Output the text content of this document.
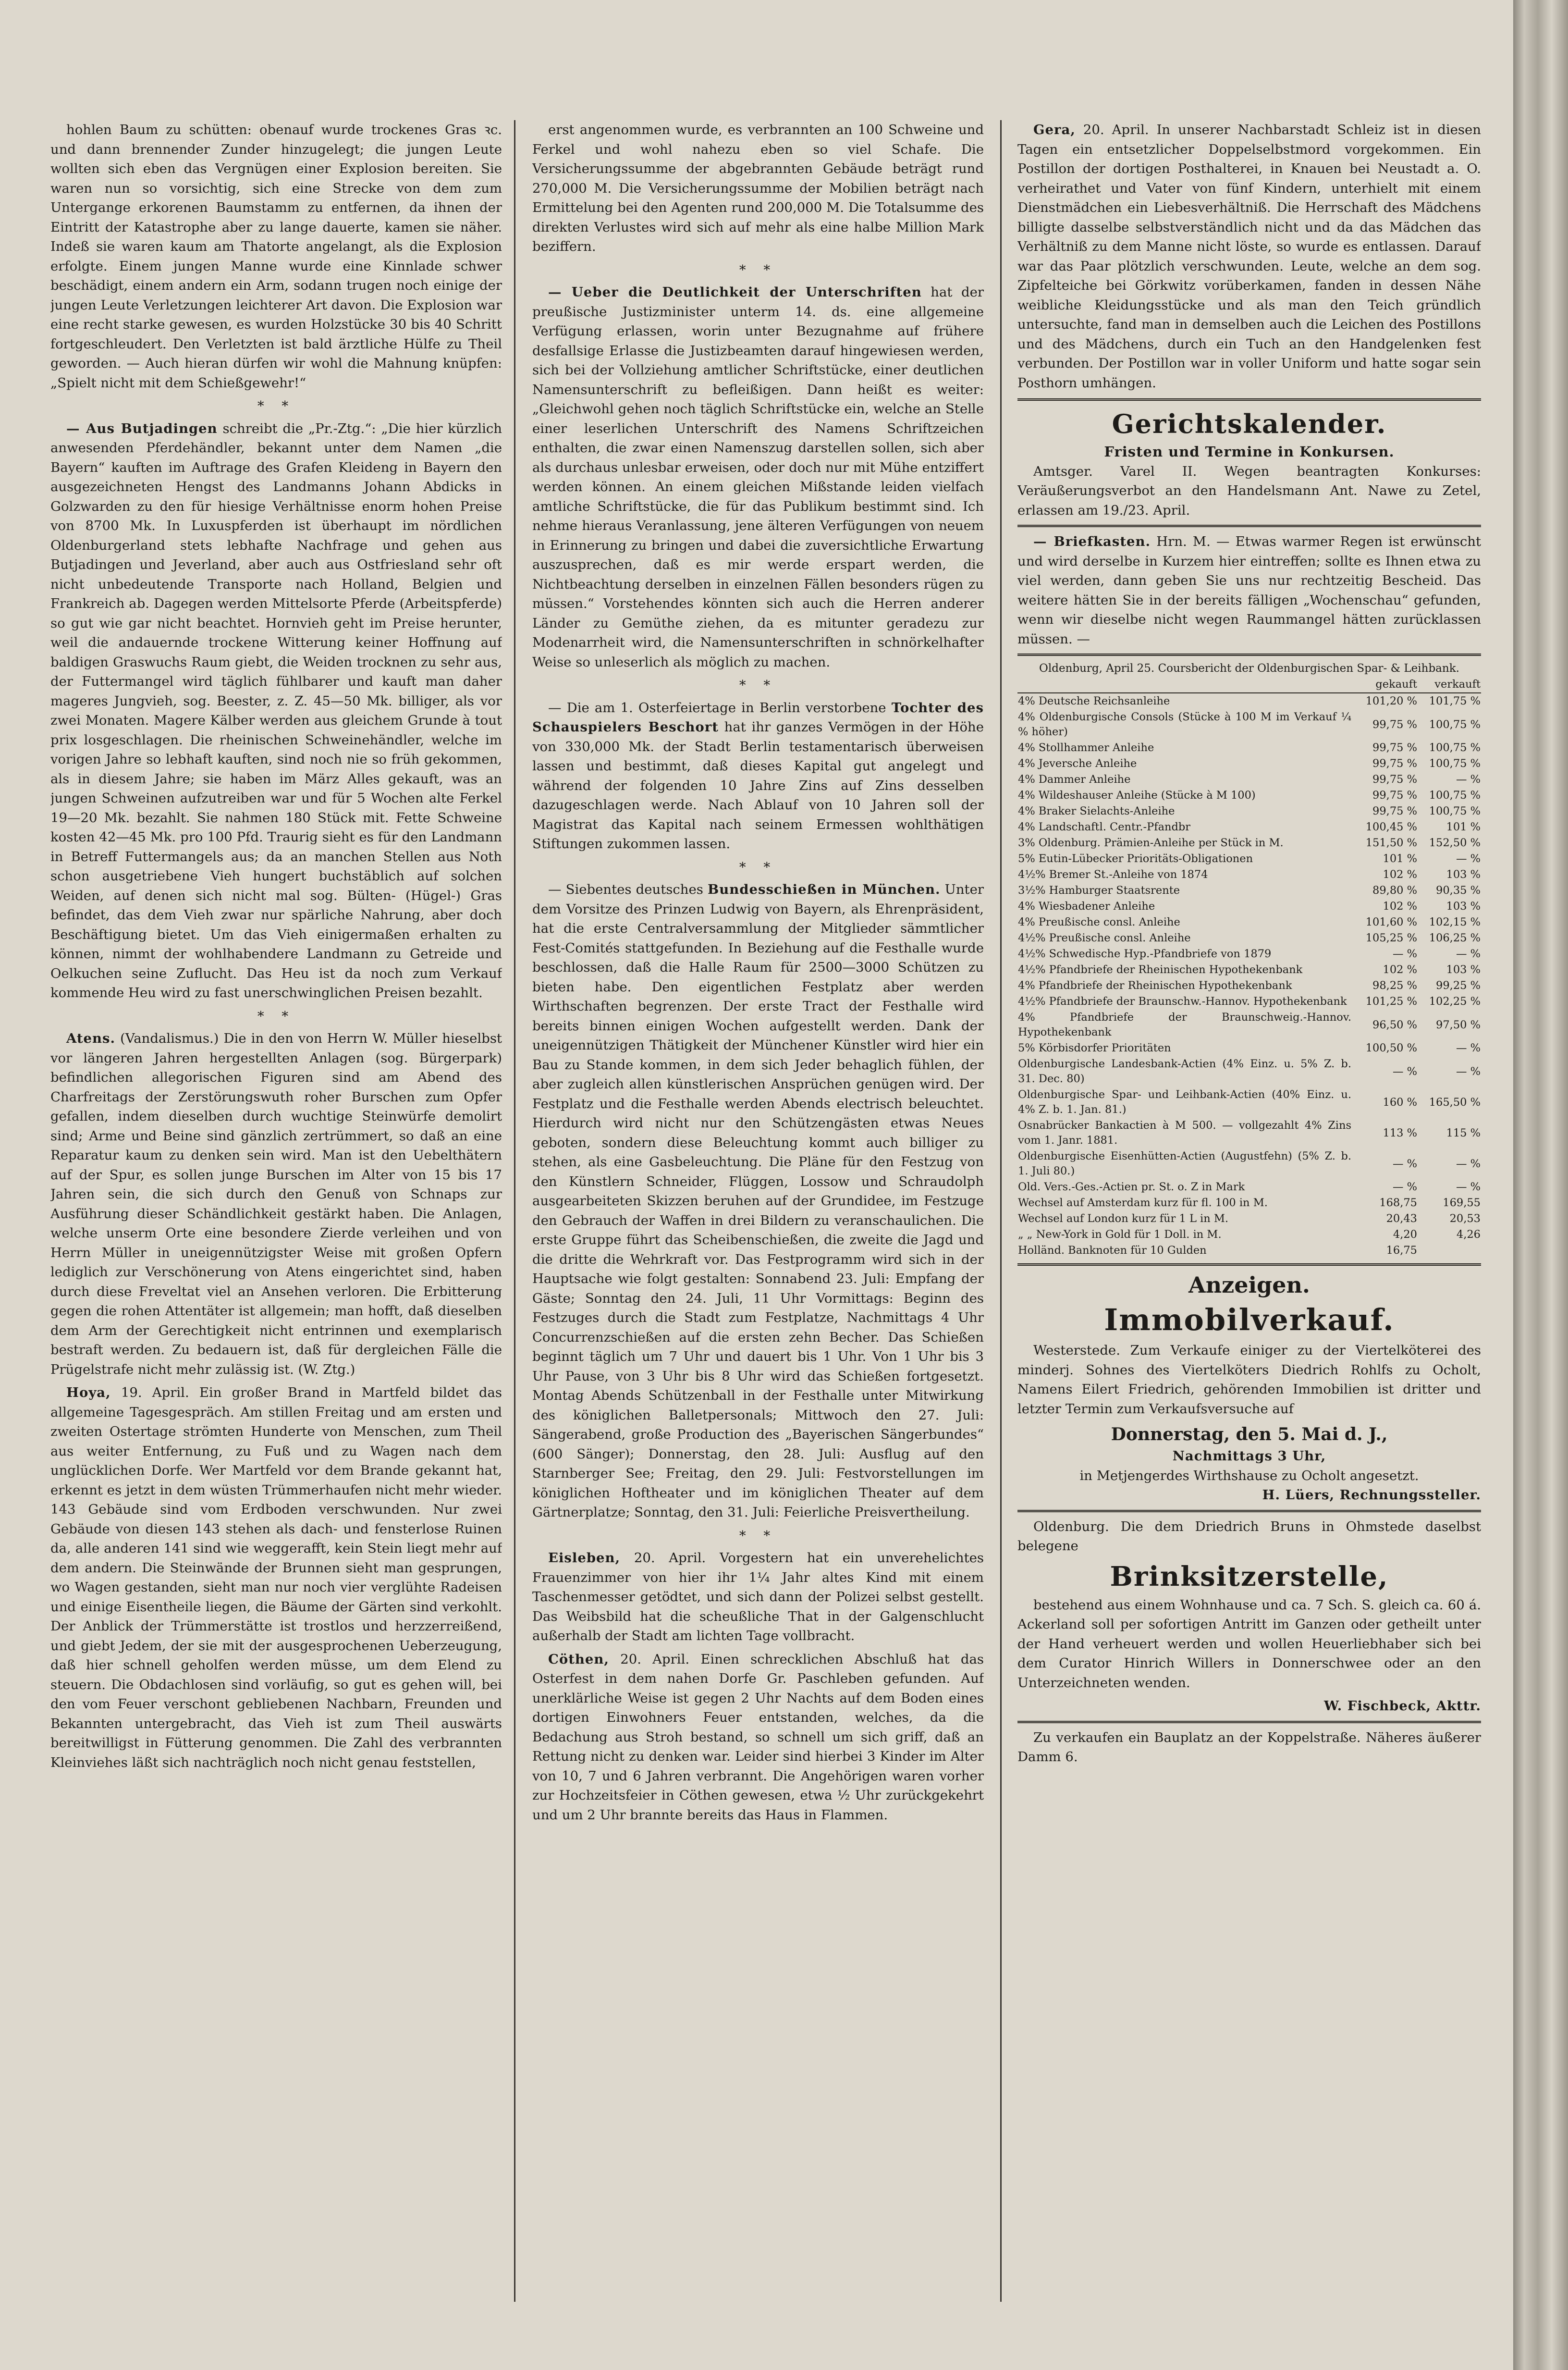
hohlen Baum zu schütten: obenauf wurde trockenes Gras ꝛc. und dann brennender Zunder hinzugelegt; die jungen Leute wollten sich eben das Vergnügen einer Explosion bereiten. Sie waren nun so vorsichtig, sich eine Strecke von dem zum Untergange erkorenen Baumstamm zu entfernen, da ihnen der Eintritt der Katastrophe aber zu lange dauerte, kamen sie näher. Indeß sie waren kaum am Thatorte angelangt, als die Explosion erfolgte. Einem jungen Manne wurde eine Kinnlade schwer beschädigt, einem andern ein Arm, sodann trugen noch einige der jungen Leute Verletzungen leichterer Art davon. Die Explosion war eine recht starke gewesen, es wurden Holzstücke 30 bis 40 Schritt fortgeschleudert. Den Verletzten ist bald ärztliche Hülfe zu Theil geworden. — Auch hieran dürfen wir wohl die Mahnung knüpfen: „Spielt nicht mit dem Schießgewehr!“

* *

— Aus Butjadingen schreibt die „Pr.-Ztg.“: „Die hier kürzlich anwesenden Pferdehändler, bekannt unter dem Namen „die Bayern“ kauften im Auftrage des Grafen Kleideng in Bayern den ausgezeichneten Hengst des Landmanns Johann Abdicks in Golzwarden zu den für hiesige Verhältnisse enorm hohen Preise von 8700 Mk. In Luxuspferden ist überhaupt im nördlichen Oldenburgerland stets lebhafte Nachfrage und gehen aus Butjadingen und Jeverland, aber auch aus Ostfriesland sehr oft nicht unbedeutende Transporte nach Holland, Belgien und Frankreich ab. Dagegen werden Mittelsorte Pferde (Arbeitspferde) so gut wie gar nicht beachtet. Hornvieh geht im Preise herunter, weil die andauernde trockene Witterung keiner Hoffnung auf baldigen Graswuchs Raum giebt, die Weiden trocknen zu sehr aus, der Futtermangel wird täglich fühlbarer und kauft man daher mageres Jungvieh, sog. Beester, z. Z. 45—50 Mk. billiger, als vor zwei Monaten. Magere Kälber werden aus gleichem Grunde à tout prix losgeschlagen. Die rheinischen Schweinehändler, welche im vorigen Jahre so lebhaft kauften, sind noch nie so früh gekommen, als in diesem Jahre; sie haben im März Alles gekauft, was an jungen Schweinen aufzutreiben war und für 5 Wochen alte Ferkel 19—20 Mk. bezahlt. Sie nahmen 180 Stück mit. Fette Schweine kosten 42—45 Mk. pro 100 Pfd. Traurig sieht es für den Landmann in Betreff Futtermangels aus; da an manchen Stellen aus Noth schon ausgetriebene Vieh hungert buchstäblich auf solchen Weiden, auf denen sich nicht mal sog. Bülten- (Hügel-) Gras befindet, das dem Vieh zwar nur spärliche Nahrung, aber doch Beschäftigung bietet. Um das Vieh einigermaßen erhalten zu können, nimmt der wohlhabendere Landmann zu Getreide und Oelkuchen seine Zuflucht. Das Heu ist da noch zum Verkauf kommende Heu wird zu fast unerschwinglichen Preisen bezahlt.

* *

Atens. (Vandalismus.) Die in den von Herrn W. Müller hieselbst vor längeren Jahren hergestellten Anlagen (sog. Bürgerpark) befindlichen allegorischen Figuren sind am Abend des Charfreitags der Zerstörungswuth roher Burschen zum Opfer gefallen, indem dieselben durch wuchtige Steinwürfe demolirt sind; Arme und Beine sind gänzlich zertrümmert, so daß an eine Reparatur kaum zu denken sein wird. Man ist den Uebelthätern auf der Spur, es sollen junge Burschen im Alter von 15 bis 17 Jahren sein, die sich durch den Genuß von Schnaps zur Ausführung dieser Schändlichkeit gestärkt haben. Die Anlagen, welche unserm Orte eine besondere Zierde verleihen und von Herrn Müller in uneigennützigster Weise mit großen Opfern lediglich zur Verschönerung von Atens eingerichtet sind, haben durch diese Freveltat viel an Ansehen verloren. Die Erbitterung gegen die rohen Attentäter ist allgemein; man hofft, daß dieselben dem Arm der Gerechtigkeit nicht entrinnen und exemplarisch bestraft werden. Zu bedauern ist, daß für dergleichen Fälle die Prügelstrafe nicht mehr zulässig ist. (W. Ztg.)

Hoya, 19. April. Ein großer Brand in Martfeld bildet das allgemeine Tagesgespräch. Am stillen Freitag und am ersten und zweiten Ostertage strömten Hunderte von Menschen, zum Theil aus weiter Entfernung, zu Fuß und zu Wagen nach dem unglücklichen Dorfe. Wer Martfeld vor dem Brande gekannt hat, erkennt es jetzt in dem wüsten Trümmerhaufen nicht mehr wieder. 143 Gebäude sind vom Erdboden verschwunden. Nur zwei Gebäude von diesen 143 stehen als dach- und fensterlose Ruinen da, alle anderen 141 sind wie weggerafft, kein Stein liegt mehr auf dem andern. Die Steinwände der Brunnen sieht man gesprungen, wo Wagen gestanden, sieht man nur noch vier verglühte Radeisen und einige Eisentheile liegen, die Bäume der Gärten sind verkohlt. Der Anblick der Trümmerstätte ist trostlos und herzzerreißend, und giebt Jedem, der sie mit der ausgesprochenen Ueberzeugung, daß hier schnell geholfen werden müsse, um dem Elend zu steuern. Die Obdachlosen sind vorläufig, so gut es gehen will, bei den vom Feuer verschont gebliebenen Nachbarn, Freunden und Bekannten untergebracht, das Vieh ist zum Theil auswärts bereitwilligst in Fütterung genommen. Die Zahl des verbrannten Kleinviehes läßt sich nachträglich noch nicht genau feststellen,

erst angenommen wurde, es verbrannten an 100 Schweine und Ferkel und wohl nahezu eben so viel Schafe. Die Versicherungssumme der abgebrannten Gebäude beträgt rund 270,000 M. Die Versicherungssumme der Mobilien beträgt nach Ermittelung bei den Agenten rund 200,000 M. Die Totalsumme des direkten Verlustes wird sich auf mehr als eine halbe Million Mark beziffern.

* *

— Ueber die Deutlichkeit der Unterschriften hat der preußische Justizminister unterm 14. ds. eine allgemeine Verfügung erlassen, worin unter Bezugnahme auf frühere desfallsige Erlasse die Justizbeamten darauf hingewiesen werden, sich bei der Vollziehung amtlicher Schriftstücke, einer deutlichen Namensunterschrift zu befleißigen. Dann heißt es weiter: „Gleichwohl gehen noch täglich Schriftstücke ein, welche an Stelle einer leserlichen Unterschrift des Namens Schriftzeichen enthalten, die zwar einen Namenszug darstellen sollen, sich aber als durchaus unlesbar erweisen, oder doch nur mit Mühe entziffert werden können. An einem gleichen Mißstande leiden vielfach amtliche Schriftstücke, die für das Publikum bestimmt sind. Ich nehme hieraus Veranlassung, jene älteren Verfügungen von neuem in Erinnerung zu bringen und dabei die zuversichtliche Erwartung auszusprechen, daß es mir werde erspart werden, die Nichtbeachtung derselben in einzelnen Fällen besonders rügen zu müssen.“ Vorstehendes könnten sich auch die Herren anderer Länder zu Gemüthe ziehen, da es mitunter geradezu zur Modenarrheit wird, die Namensunterschriften in schnörkelhafter Weise so unleserlich als möglich zu machen.

* *

— Die am 1. Osterfeiertage in Berlin verstorbene Tochter des Schauspielers Beschort hat ihr ganzes Vermögen in der Höhe von 330,000 Mk. der Stadt Berlin testamentarisch überweisen lassen und bestimmt, daß dieses Kapital gut angelegt und während der folgenden 10 Jahre Zins auf Zins desselben dazugeschlagen werde. Nach Ablauf von 10 Jahren soll der Magistrat das Kapital nach seinem Ermessen wohlthätigen Stiftungen zukommen lassen.

* *

— Siebentes deutsches Bundesschießen in München. Unter dem Vorsitze des Prinzen Ludwig von Bayern, als Ehrenpräsident, hat die erste Centralversammlung der Mitglieder sämmtlicher Fest-Comités stattgefunden. In Beziehung auf die Festhalle wurde beschlossen, daß die Halle Raum für 2500—3000 Schützen zu bieten habe. Den eigentlichen Festplatz aber werden Wirthschaften begrenzen. Der erste Tract der Festhalle wird bereits binnen einigen Wochen aufgestellt werden. Dank der uneigennützigen Thätigkeit der Münchener Künstler wird hier ein Bau zu Stande kommen, in dem sich Jeder behaglich fühlen, der aber zugleich allen künstlerischen Ansprüchen genügen wird. Der Festplatz und die Festhalle werden Abends electrisch beleuchtet. Hierdurch wird nicht nur den Schützengästen etwas Neues geboten, sondern diese Beleuchtung kommt auch billiger zu stehen, als eine Gasbeleuchtung. Die Pläne für den Festzug von den Künstlern Schneider, Flüggen, Lossow und Schraudolph ausgearbeiteten Skizzen beruhen auf der Grundidee, im Festzuge den Gebrauch der Waffen in drei Bildern zu veranschaulichen. Die erste Gruppe führt das Scheibenschießen, die zweite die Jagd und die dritte die Wehrkraft vor. Das Festprogramm wird sich in der Hauptsache wie folgt gestalten: Sonnabend 23. Juli: Empfang der Gäste; Sonntag den 24. Juli, 11 Uhr Vormittags: Beginn des Festzuges durch die Stadt zum Festplatze, Nachmittags 4 Uhr Concurrenzschießen auf die ersten zehn Becher. Das Schießen beginnt täglich um 7 Uhr und dauert bis 1 Uhr. Von 1 Uhr bis 3 Uhr Pause, von 3 Uhr bis 8 Uhr wird das Schießen fortgesetzt. Montag Abends Schützenball in der Festhalle unter Mitwirkung des königlichen Balletpersonals; Mittwoch den 27. Juli: Sängerabend, große Production des „Bayerischen Sängerbundes“ (600 Sänger); Donnerstag, den 28. Juli: Ausflug auf den Starnberger See; Freitag, den 29. Juli: Festvorstellungen im königlichen Hoftheater und im königlichen Theater auf dem Gärtnerplatze; Sonntag, den 31. Juli: Feierliche Preisvertheilung.

* *

Eisleben, 20. April. Vorgestern hat ein unverehelichtes Frauenzimmer von hier ihr 1¼ Jahr altes Kind mit einem Taschenmesser getödtet, und sich dann der Polizei selbst gestellt. Das Weibsbild hat die scheußliche That in der Galgenschlucht außerhalb der Stadt am lichten Tage vollbracht.

Cöthen, 20. April. Einen schrecklichen Abschluß hat das Osterfest in dem nahen Dorfe Gr. Paschleben gefunden. Auf unerklärliche Weise ist gegen 2 Uhr Nachts auf dem Boden eines dortigen Einwohners Feuer entstanden, welches, da die Bedachung aus Stroh bestand, so schnell um sich griff, daß an Rettung nicht zu denken war. Leider sind hierbei 3 Kinder im Alter von 10, 7 und 6 Jahren verbrannt. Die Angehörigen waren vorher zur Hochzeitsfeier in Cöthen gewesen, etwa ½ Uhr zurückgekehrt und um 2 Uhr brannte bereits das Haus in Flammen.

Gera, 20. April. In unserer Nachbarstadt Schleiz ist in diesen Tagen ein entsetzlicher Doppelselbstmord vorgekommen. Ein Postillon der dortigen Posthalterei, in Knauen bei Neustadt a. O. verheirathet und Vater von fünf Kindern, unterhielt mit einem Dienstmädchen ein Liebesverhältniß. Die Herrschaft des Mädchens billigte dasselbe selbstverständlich nicht und da das Mädchen das Verhältniß zu dem Manne nicht löste, so wurde es entlassen. Darauf war das Paar plötzlich verschwunden. Leute, welche an dem sog. Zipfelteiche bei Görkwitz vorüberkamen, fanden in dessen Nähe weibliche Kleidungsstücke und als man den Teich gründlich untersuchte, fand man in demselben auch die Leichen des Postillons und des Mädchens, durch ein Tuch an den Handgelenken fest verbunden. Der Postillon war in voller Uniform und hatte sogar sein Posthorn umhängen.

Gerichtskalender.
Fristen und Termine in Konkursen.

Amtsger. Varel II. Wegen beantragten Konkurses: Veräußerungsverbot an den Handelsmann Ant. Nawe zu Zetel, erlassen am 19./23. April.

— Briefkasten. Hrn. M. — Etwas warmer Regen ist erwünscht und wird derselbe in Kurzem hier eintreffen; sollte es Ihnen etwa zu viel werden, dann geben Sie uns nur rechtzeitig Bescheid. Das weitere hätten Sie in der bereits fälligen „Wochenschau“ gefunden, wenn wir dieselbe nicht wegen Raummangel hätten zurücklassen müssen. —

Oldenburg, April 25. Coursbericht der Oldenburgischen Spar- & Leihbank.
	gekauft	verkauft
4% Deutsche Reichsanleihe	101,20 %	101,75 %
4% Oldenburgische Consols (Stücke à 100 M im Verkauf ¼ % höher)	99,75 %	100,75 %
4% Stollhammer Anleihe	99,75 %	100,75 %
4% Jeversche Anleihe	99,75 %	100,75 %
4% Dammer Anleihe	99,75 %	— %
4% Wildeshauser Anleihe (Stücke à M 100)	99,75 %	100,75 %
4% Braker Sielachts-Anleihe	99,75 %	100,75 %
4% Landschaftl. Centr.-Pfandbr	100,45 %	101 %
3% Oldenburg. Prämien-Anleihe per Stück in M.	151,50 %	152,50 %
5% Eutin-Lübecker Prioritäts-Obligationen	101 %	— %
4½% Bremer St.-Anleihe von 1874	102 %	103 %
3½% Hamburger Staatsrente	89,80 %	90,35 %
4% Wiesbadener Anleihe	102 %	103 %
4% Preußische consl. Anleihe	101,60 %	102,15 %
4½% Preußische consl. Anleihe	105,25 %	106,25 %
4½% Schwedische Hyp.-Pfandbriefe von 1879	— %	— %
4½% Pfandbriefe der Rheinischen Hypothekenbank	102 %	103 %
4% Pfandbriefe der Rheinischen Hypothekenbank	98,25 %	99,25 %
4½% Pfandbriefe der Braunschw.-Hannov. Hypothekenbank	101,25 %	102,25 %
4% Pfandbriefe der Braunschweig.-Hannov. Hypothekenbank	96,50 %	97,50 %
5% Körbisdorfer Prioritäten	100,50 %	— %
Oldenburgische Landesbank-Actien (4% Einz. u. 5% Z. b. 31. Dec. 80)	— %	— %
Oldenburgische Spar- und Leihbank-Actien (40% Einz. u. 4% Z. b. 1. Jan. 81.)	160 %	165,50 %
Osnabrücker Bankactien à M 500. — vollgezahlt 4% Zins vom 1. Janr. 1881.	113 %	115 %
Oldenburgische Eisenhütten-Actien (Augustfehn) (5% Z. b. 1. Juli 80.)	— %	— %
Old. Vers.-Ges.-Actien pr. St. o. Z in Mark	— %	— %
Wechsel auf Amsterdam kurz für fl. 100 in M.	168,75	169,55
Wechsel auf London kurz für 1 L in M.	20,43	20,53
„ „ New-York in Gold für 1 Doll. in M.	4,20	4,26
Holländ. Banknoten für 10 Gulden	16,75	
Anzeigen.
Immobilverkauf.

Westerstede. Zum Verkaufe einiger zu der Viertelköterei des minderj. Sohnes des Viertelköters Diedrich Rohlfs zu Ocholt, Namens Eilert Friedrich, gehörenden Immobilien ist dritter und letzter Termin zum Verkaufsversuche auf

Donnerstag, den 5. Mai d. J.,
Nachmittags 3 Uhr,
in Metjengerdes Wirthshause zu Ocholt angesetzt.
H. Lüers, Rechnungssteller.

Oldenburg. Die dem Driedrich Bruns in Ohmstede daselbst belegene

Brinksitzerstelle,

bestehend aus einem Wohnhause und ca. 7 Sch. S. gleich ca. 60 á. Ackerland soll per sofortigen Antritt im Ganzen oder getheilt unter der Hand verheuert werden und wollen Heuerliebhaber sich bei dem Curator Hinrich Willers in Donnerschwee oder an den Unterzeichneten wenden.

W. Fischbeck, Akttr.

Zu verkaufen ein Bauplatz an der Koppelstraße. Näheres äußerer Damm 6.
